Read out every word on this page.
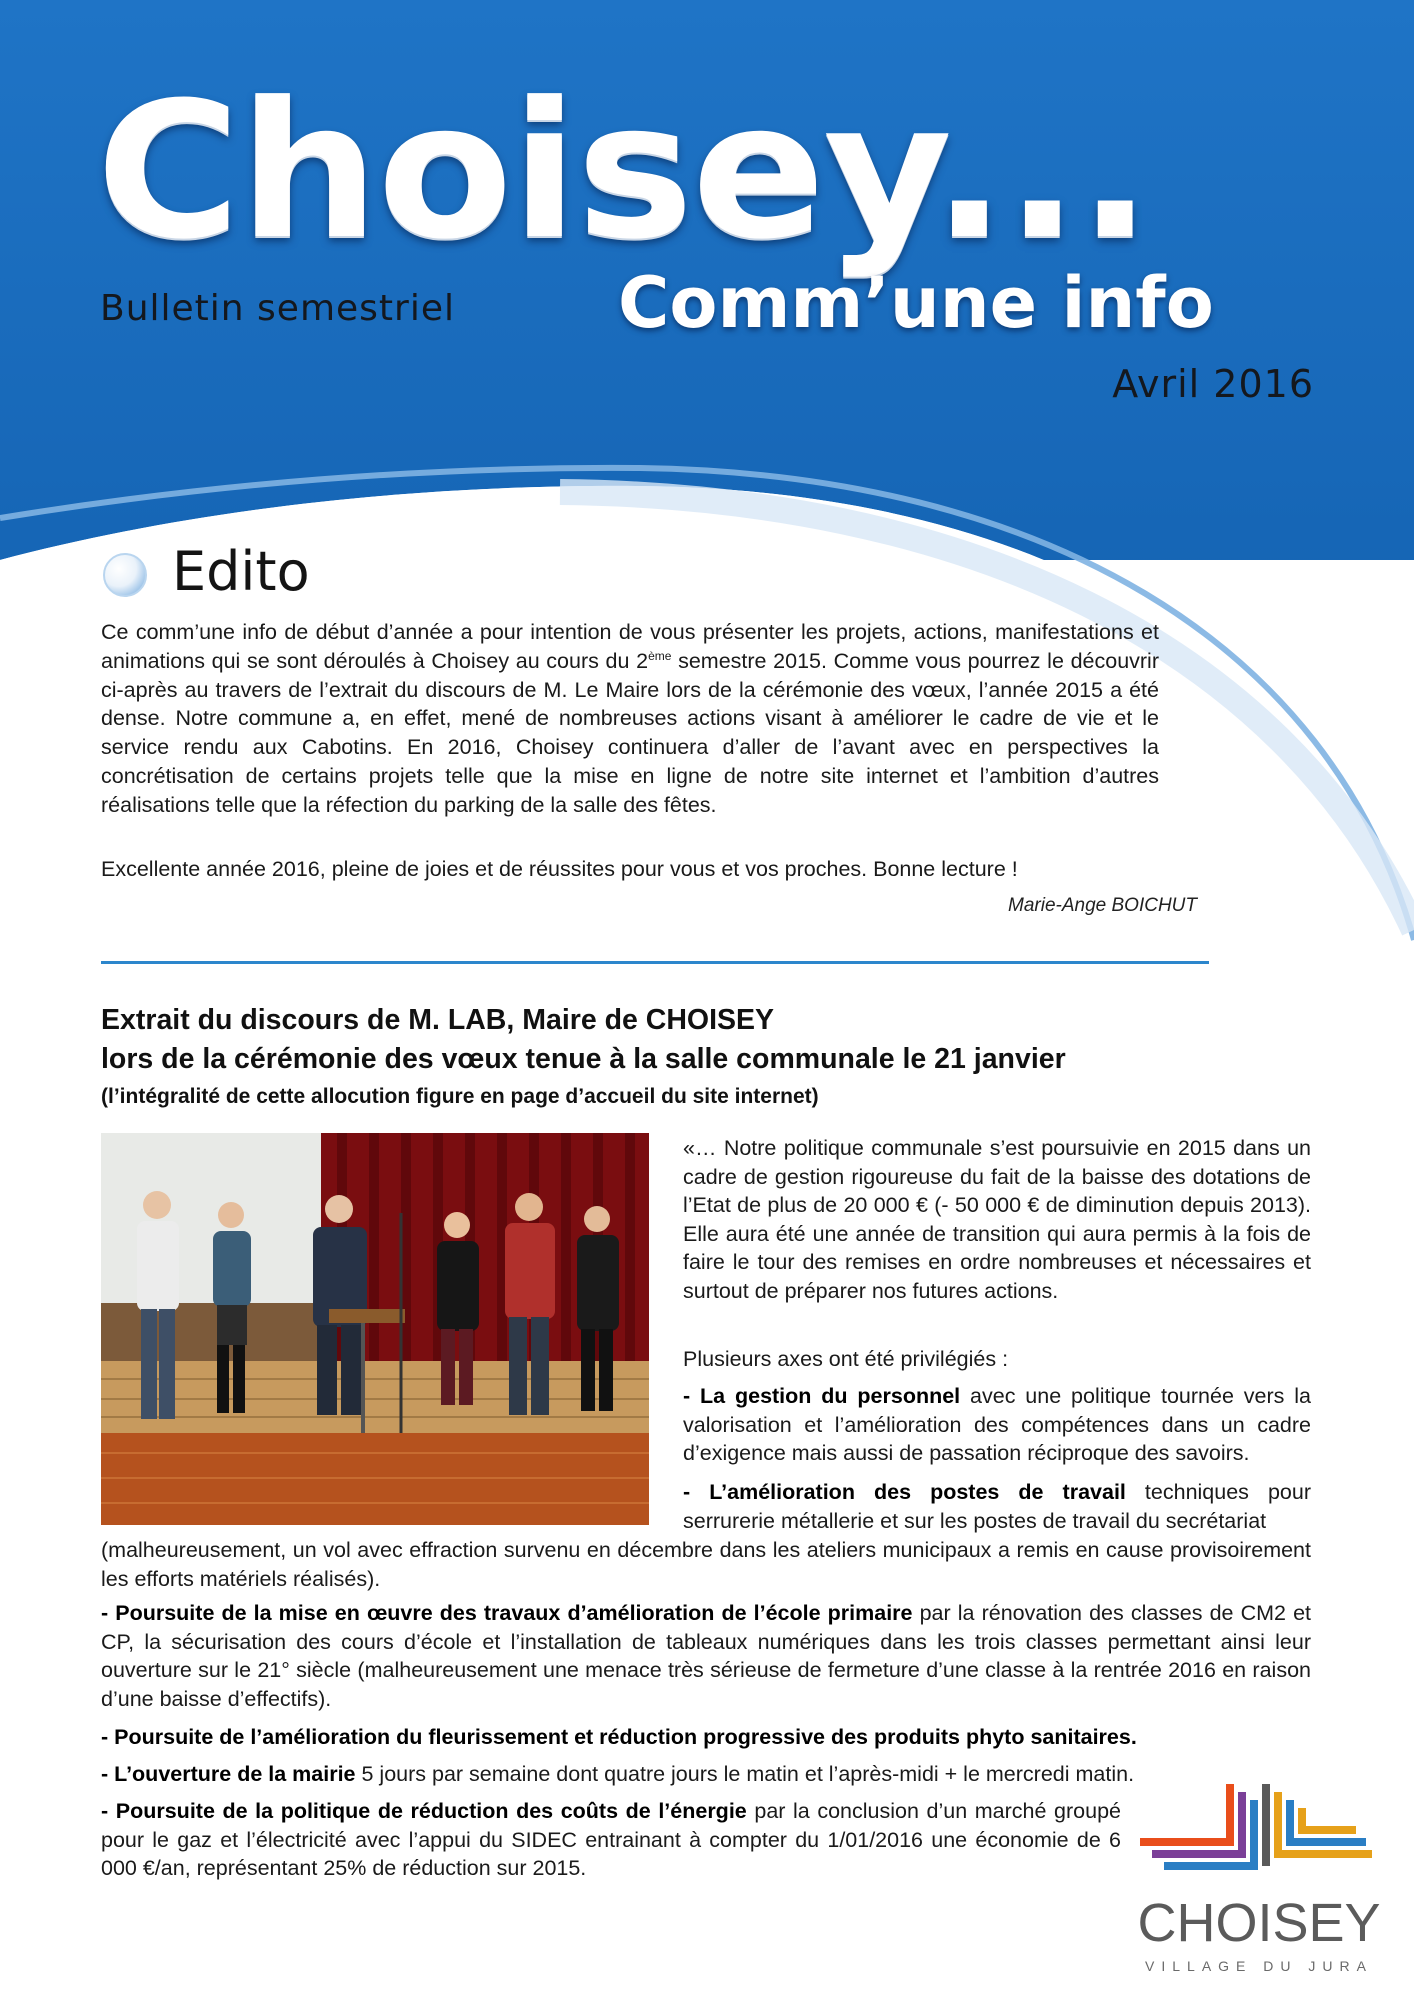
Choisey...
Bulletin semestriel Comm’une info
Avril 2016
Edito

Ce comm’une info de début d’année a pour intention de vous présenter les projets, actions, manifestations et animations qui se sont déroulés à Choisey au cours du 2ème semestre 2015. Comme vous pourrez le découvrir ci-après au travers de l’extrait du discours de M. Le Maire lors de la cérémonie des vœux, l’année 2015 a été dense. Notre commune a, en effet, mené de nombreuses actions visant à améliorer le cadre de vie et le service rendu aux Cabotins. En 2016, Choisey continuera d’aller de l’avant avec en perspectives la concrétisation de certains projets telle que la mise en ligne de notre site internet et l’ambition d’autres réalisations telle que la réfection du parking de la salle des fêtes.

Excellente année 2016, pleine de joies et de réussites pour vous et vos proches. Bonne lecture !

Marie-Ange BOICHUT
Extrait du discours de M. LAB, Maire de CHOISEY
lors de la cérémonie des vœux tenue à la salle communale le 21 janvier
(l’intégralité de cette allocution figure en page d’accueil du site internet)

«… Notre politique communale s’est poursuivie en 2015 dans un cadre de gestion rigoureuse du fait de la baisse des dotations de l’Etat de plus de 20 000 € (- 50 000 € de diminution depuis 2013). Elle aura été une année de transition qui aura permis à la fois de faire le tour des remises en ordre nombreuses et nécessaires et surtout de préparer nos futures actions.

Plusieurs axes ont été privilégiés :

- La gestion du personnel avec une politique tournée vers la valorisation et l’amélioration des compétences dans un cadre d’exigence mais aussi de passation réciproque des savoirs.

- L’amélioration des postes de travail techniques pour serrurerie métallerie et sur les postes de travail du secrétariat

(malheureusement, un vol avec effraction survenu en décembre dans les ateliers municipaux a remis en cause provisoirement les efforts matériels réalisés).

- Poursuite de la mise en œuvre des travaux d’amélioration de l’école primaire par la rénovation des classes de CM2 et CP, la sécurisation des cours d’école et l’installation de tableaux numériques dans les trois classes permettant ainsi leur ouverture sur le 21° siècle (malheureusement une menace très sérieuse de fermeture d’une classe à la rentrée 2016 en raison d’une baisse d’effectifs).

- Poursuite de l’amélioration du fleurissement et réduction progressive des produits phyto sanitaires.

- L’ouverture de la mairie 5 jours par semaine dont quatre jours le matin et l’après-midi + le mercredi matin.

- Poursuite de la politique de réduction des coûts de l’énergie par la conclusion d’un marché groupé pour le gaz et l’électricité avec l’appui du SIDEC entrainant à compter du 1/01/2016 une économie de 6 000 €/an, représentant 25% de réduction sur 2015.

CHOISEY
VILLAGE DU JURA
